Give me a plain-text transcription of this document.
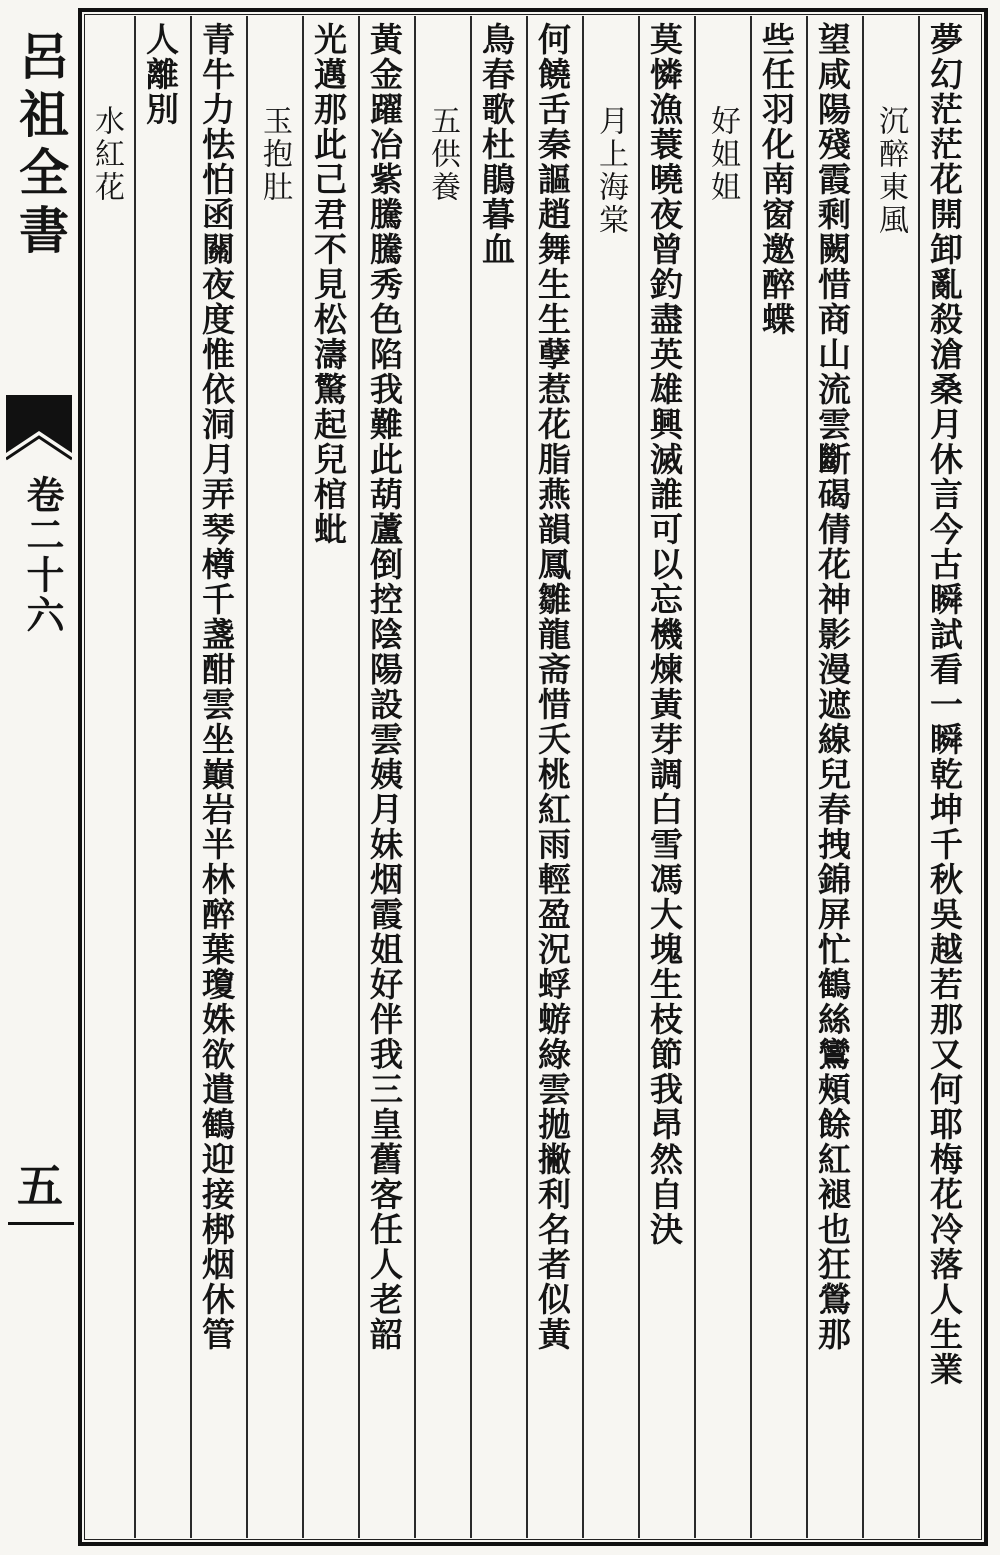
夢幻茫茫花開卸亂殺滄桑月休言今古瞬試看一瞬乾坤千秋吳越若那又何耶梅花冷落人生業
沉醉東風
望咸陽殘霞剩闕惜商山流雲斷碣倩花神影漫遮線兒春拽錦屏忙鶴絲鸞頰餘紅褪也狂鶯那
些任羽化南窗邀醉蝶
好姐姐
莫憐漁蓑曉夜曾釣盡英雄興滅誰可以忘機煉黃芽調白雪馮大塊生枝節我昂然自決
月上海棠
何饒舌秦謳趙舞生生孽惹花脂燕韻鳳雛龍斋惜夭桃紅雨輕盈況蜉蝣綠雲拋撇利名者似黃
鳥春歌杜鵑暮血
五供養
黃金躍冶紫騰騰秀色陷我難此葫蘆倒控陰陽設雲姨月妹烟霞姐好伴我三皇舊客任人老韶
光邁那此己君不見松濤驚起兒棺蚍
玉抱肚
青牛力怯怕函關夜度惟依洞月弄琴樽千盞酣雲坐巔岩半林醉葉瓊姝欲遣鶴迎接梆烟休管
人離別
水紅花
呂祖全書
卷二十六
五
